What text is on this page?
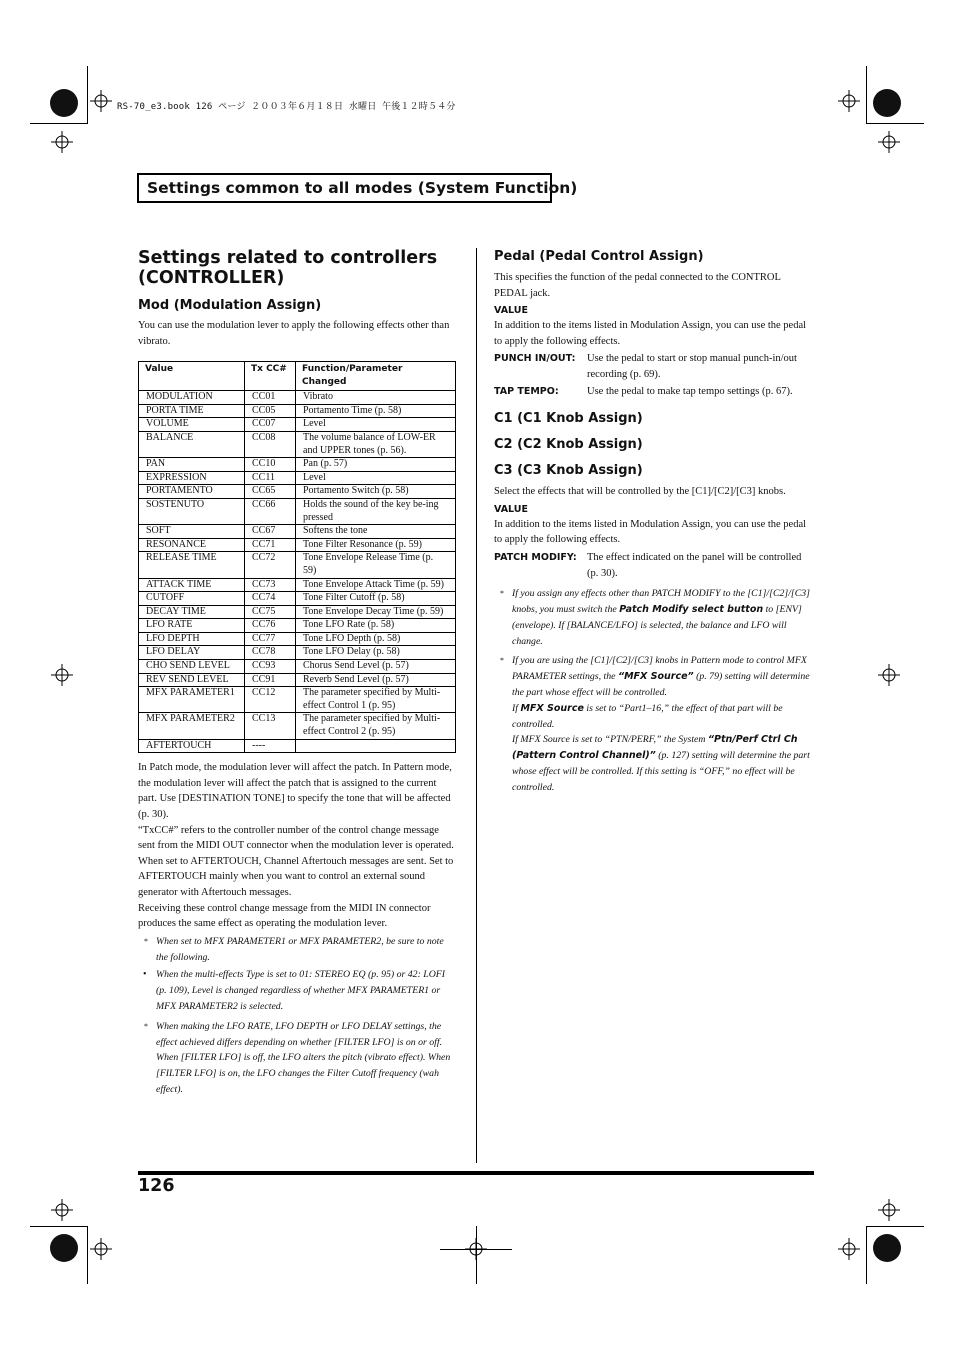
RS-70_e3.book 126 ページ ２００３年６月１８日 水曜日 午後１２時５４分
Settings common to all modes (System Function)
Settings related to controllers
(CONTROLLER)
Mod (Modulation Assign)

You can use the modulation lever to apply the following effects other than vibrato.

Value	Tx CC#	Function/Parameter Changed
MODULATION	CC01	Vibrato
PORTA TIME	CC05	Portamento Time (p. 58)
VOLUME	CC07	Level
BALANCE	CC08	The volume balance of LOW-ER and UPPER tones (p. 56).
PAN	CC10	Pan (p. 57)
EXPRESSION	CC11	Level
PORTAMENTO	CC65	Portamento Switch (p. 58)
SOSTENUTO	CC66	Holds the sound of the key be-ing pressed
SOFT	CC67	Softens the tone
RESONANCE	CC71	Tone Filter Resonance (p. 59)
RELEASE TIME	CC72	Tone Envelope Release Time (p. 59)
ATTACK TIME	CC73	Tone Envelope Attack Time (p. 59)
CUTOFF	CC74	Tone Filter Cutoff (p. 58)
DECAY TIME	CC75	Tone Envelope Decay Time (p. 59)
LFO RATE	CC76	Tone LFO Rate (p. 58)
LFO DEPTH	CC77	Tone LFO Depth (p. 58)
LFO DELAY	CC78	Tone LFO Delay (p. 58)
CHO SEND LEVEL	CC93	Chorus Send Level (p. 57)
REV SEND LEVEL	CC91	Reverb Send Level (p. 57)
MFX PARAMETER1	CC12	The parameter specified by Multi-effect Control 1 (p. 95)
MFX PARAMETER2	CC13	The parameter specified by Multi-effect Control 2 (p. 95)
AFTERTOUCH	----	

In Patch mode, the modulation lever will affect the patch. In Pattern mode, the modulation lever will affect the patch that is assigned to the current part. Use [DESTINATION TONE] to specify the tone that will be affected (p. 30).

“TxCC#” refers to the controller number of the control change message sent from the MIDI OUT connector when the modulation lever is operated. When set to AFTERTOUCH, Channel Aftertouch messages are sent. Set to AFTERTOUCH mainly when you want to control an external sound generator with Aftertouch messages.

Receiving these control change message from the MIDI IN connector produces the same effect as operating the modulation lever.

* When set to MFX PARAMETER1 or MFX PARAMETER2, be sure to note the following.
• When the multi-effects Type is set to 01: STEREO EQ (p. 95) or 42: LOFI (p. 109), Level is changed regardless of whether MFX PARAMETER1 or MFX PARAMETER2 is selected.
* When making the LFO RATE, LFO DEPTH or LFO DELAY settings, the effect achieved differs depending on whether [FILTER LFO] is on or off. When [FILTER LFO] is off, the LFO alters the pitch (vibrato effect). When [FILTER LFO] is on, the LFO changes the Filter Cutoff frequency (wah effect).
Pedal (Pedal Control Assign)

This specifies the function of the pedal connected to the CONTROL PEDAL jack.

VALUE

In addition to the items listed in Modulation Assign, you can use the pedal to apply the following effects.

PUNCH IN/OUT: Use the pedal to start or stop manual punch-in/out recording (p. 69).
TAP TEMPO:	Use the pedal to make tap tempo settings (p. 67).
C1 (C1 Knob Assign)
C2 (C2 Knob Assign)
C3 (C3 Knob Assign)

Select the effects that will be controlled by the [C1]/[C2]/[C3] knobs.

VALUE

In addition to the items listed in Modulation Assign, you can use the pedal to apply the following effects.

PATCH MODIFY: The effect indicated on the panel will be controlled (p. 30).
* If you assign any effects other than PATCH MODIFY to the [C1]/[C2]/[C3] knobs, you must switch the Patch Modify select button to [ENV] (envelope). If [BALANCE/LFO] is selected, the balance and LFO will change.
* If you are using the [C1]/[C2]/[C3] knobs in Pattern mode to control MFX PARAMETER settings, the “MFX Source” (p. 79) setting will determine the part whose effect will be controlled.
If MFX Source is set to “Part1–16,” the effect of that part will be controlled.
If MFX Source is set to “PTN/PERF,” the System “Ptn/Perf Ctrl Ch (Pattern Control Channel)” (p. 127) setting will determine the part whose effect will be controlled. If this setting is “OFF,” no effect will be controlled.
126
